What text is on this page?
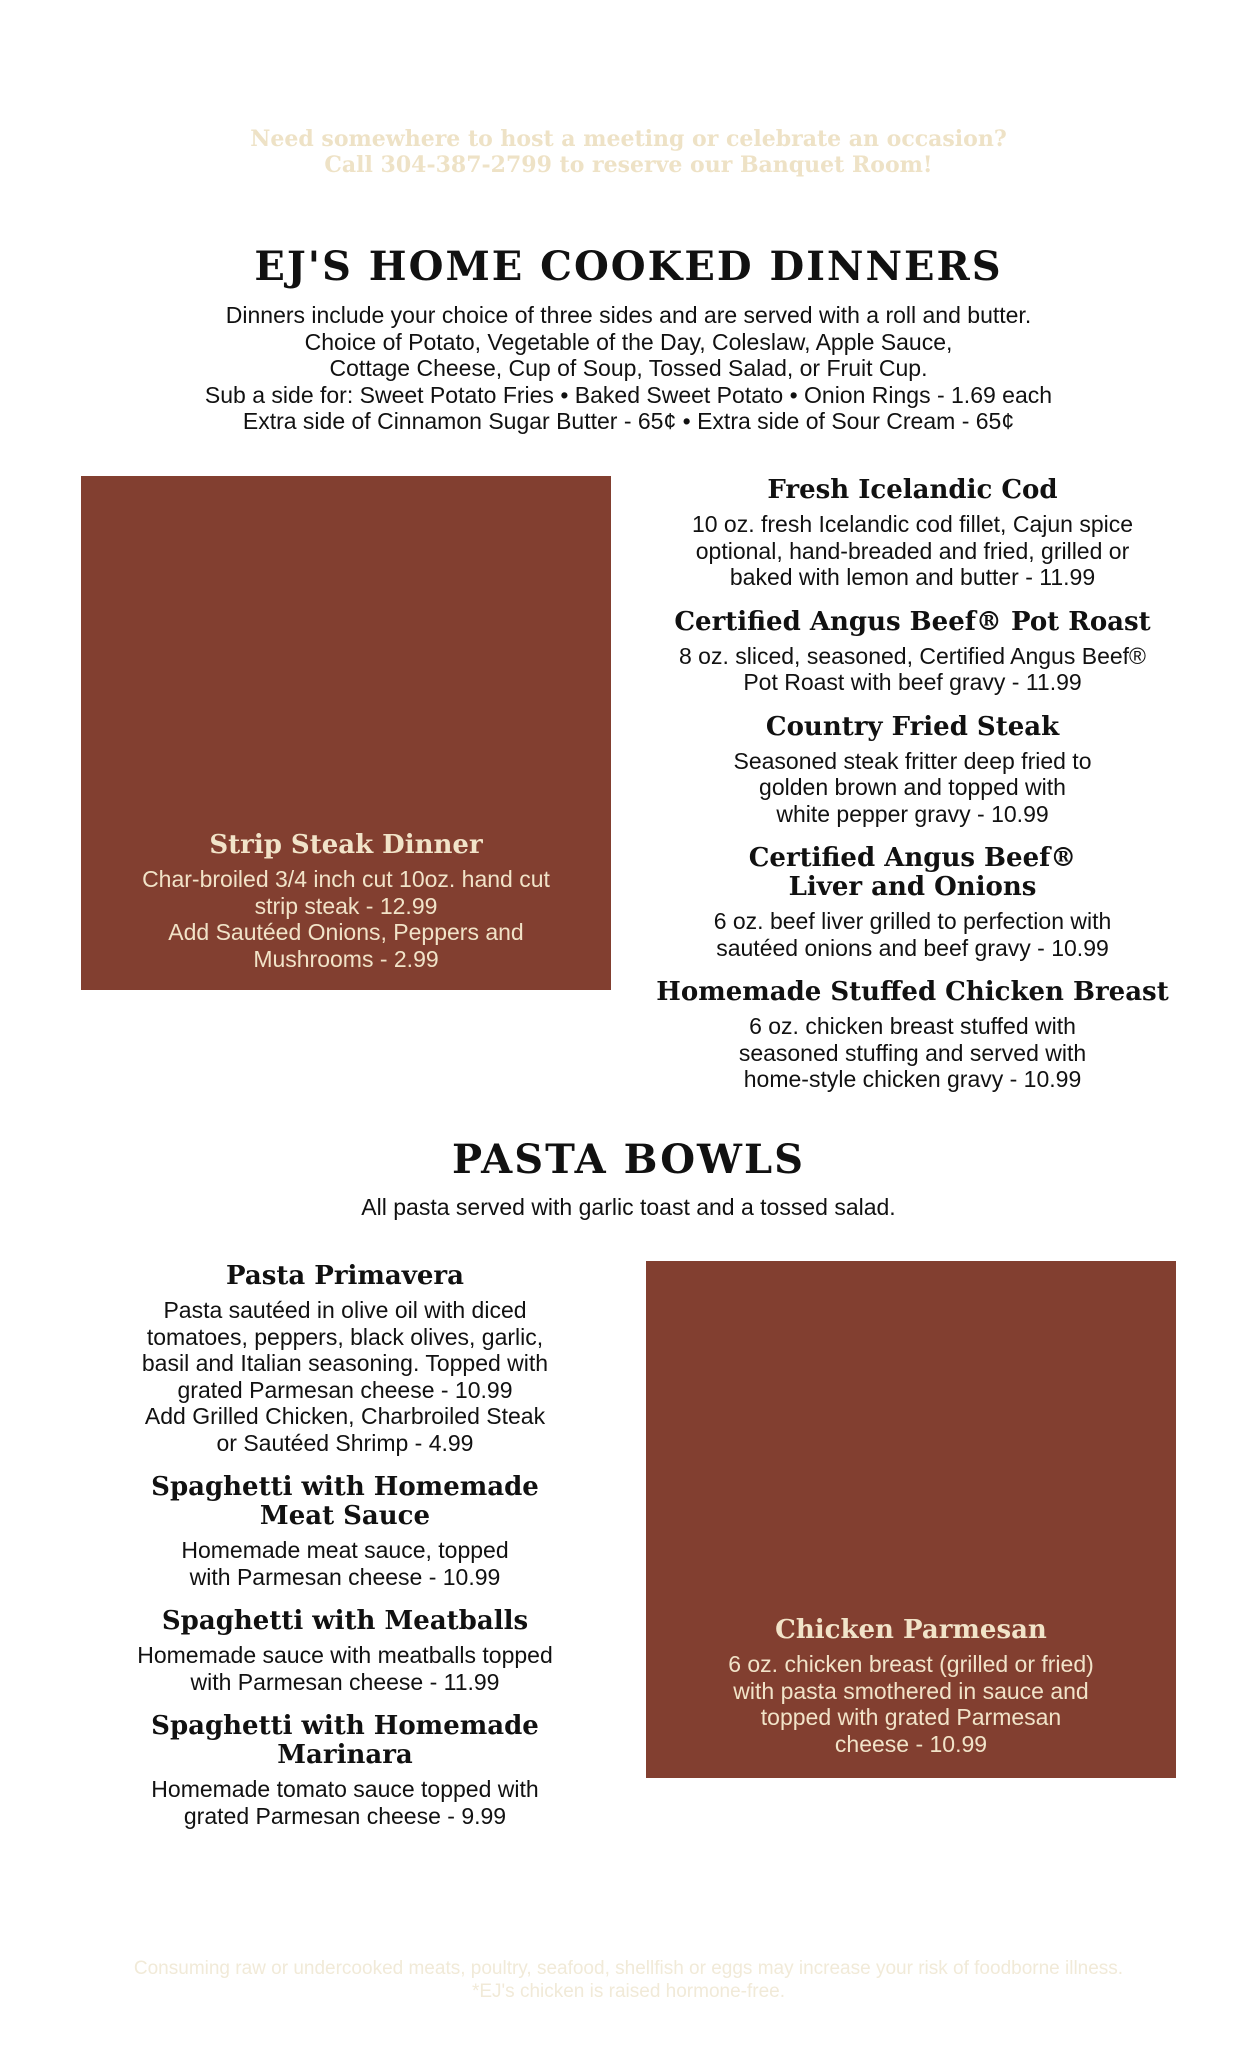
Need somewhere to host a meeting or celebrate an occasion?
Call 304-387-2799 to reserve our Banquet Room!
EJ'S HOME COOKED DINNERS
Dinners include your choice of three sides and are served with a roll and butter.
Choice of Potato, Vegetable of the Day, Coleslaw, Apple Sauce,
Cottage Cheese, Cup of Soup, Tossed Salad, or Fruit Cup.
Sub a side for: Sweet Potato Fries • Baked Sweet Potato • Onion Rings - 1.69 each
Extra side of Cinnamon Sugar Butter - 65¢ • Extra side of Sour Cream - 65¢
Strip Steak Dinner
Char-broiled 3/4 inch cut 10oz. hand cut
strip steak - 12.99
Add Sautéed Onions, Peppers and
Mushrooms - 2.99
Fresh Icelandic Cod
10 oz. fresh Icelandic cod fillet, Cajun spice
optional, hand-breaded and fried, grilled or
baked with lemon and butter - 11.99
Certified Angus Beef® Pot Roast
8 oz. sliced, seasoned, Certified Angus Beef®
Pot Roast with beef gravy - 11.99
Country Fried Steak
Seasoned steak fritter deep fried to
golden brown and topped with
white pepper gravy - 10.99
Certified Angus Beef®
Liver and Onions
6 oz. beef liver grilled to perfection with
sautéed onions and beef gravy - 10.99
Homemade Stuffed Chicken Breast
6 oz. chicken breast stuffed with
seasoned stuffing and served with
home-style chicken gravy - 10.99
PASTA BOWLS
All pasta served with garlic toast and a tossed salad.
Pasta Primavera
Pasta sautéed in olive oil with diced
tomatoes, peppers, black olives, garlic,
basil and Italian seasoning. Topped with
grated Parmesan cheese - 10.99
Add Grilled Chicken, Charbroiled Steak
or Sautéed Shrimp - 4.99
Spaghetti with Homemade
Meat Sauce
Homemade meat sauce, topped
with Parmesan cheese - 10.99
Spaghetti with Meatballs
Homemade sauce with meatballs topped
with Parmesan cheese - 11.99
Spaghetti with Homemade
Marinara
Homemade tomato sauce topped with
grated Parmesan cheese - 9.99
Chicken Parmesan
6 oz. chicken breast (grilled or fried)
with pasta smothered in sauce and
topped with grated Parmesan
cheese - 10.99
Consuming raw or undercooked meats, poultry, seafood, shellfish or eggs may increase your risk of foodborne illness.
*EJ's chicken is raised hormone-free.
